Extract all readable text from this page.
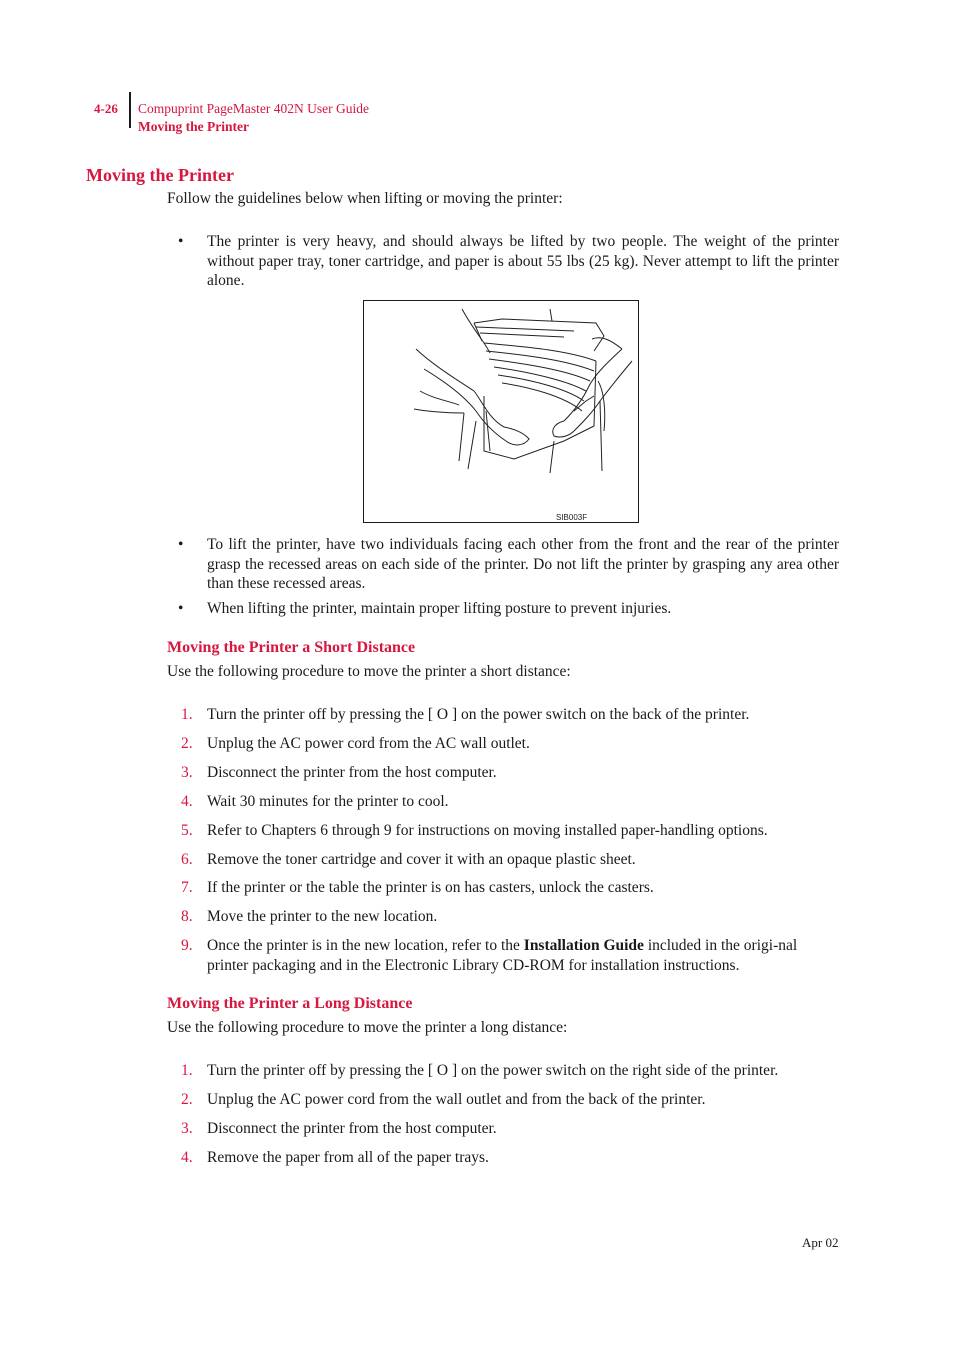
4-26 Compuprint PageMaster 402N User Guide
Moving the Printer
Moving the Printer

Follow the guidelines below when lifting or moving the printer:

• The printer is very heavy, and should always be lifted by two people. The weight of the printer without paper tray, toner cartridge, and paper is about 55 lbs (25 kg). Never attempt to lift the printer alone.
SIB003F
• To lift the printer, have two individuals facing each other from the front and the rear of the printer grasp the recessed areas on each side of the printer. Do not lift the printer by grasping any area other than these recessed areas.
• When lifting the printer, maintain proper lifting posture to prevent injuries.
Moving the Printer a Short Distance

Use the following procedure to move the printer a short distance:

1. Turn the printer off by pressing the [ O ] on the power switch on the back of the printer.
2. Unplug the AC power cord from the AC wall outlet.
3. Disconnect the printer from the host computer.
4. Wait 30 minutes for the printer to cool.
5. Refer to Chapters 6 through 9 for instructions on moving installed paper-handling options.
6. Remove the toner cartridge and cover it with an opaque plastic sheet.
7. If the printer or the table the printer is on has casters, unlock the casters.
8. Move the printer to the new location.
9. Once the printer is in the new location, refer to the Installation Guide included in the origi-nal printer packaging and in the Electronic Library CD-ROM for installation instructions.
Moving the Printer a Long Distance

Use the following procedure to move the printer a long distance:

1. Turn the printer off by pressing the [ O ] on the power switch on the right side of the printer.
2. Unplug the AC power cord from the wall outlet and from the back of the printer.
3. Disconnect the printer from the host computer.
4. Remove the paper from all of the paper trays.
Apr 02
